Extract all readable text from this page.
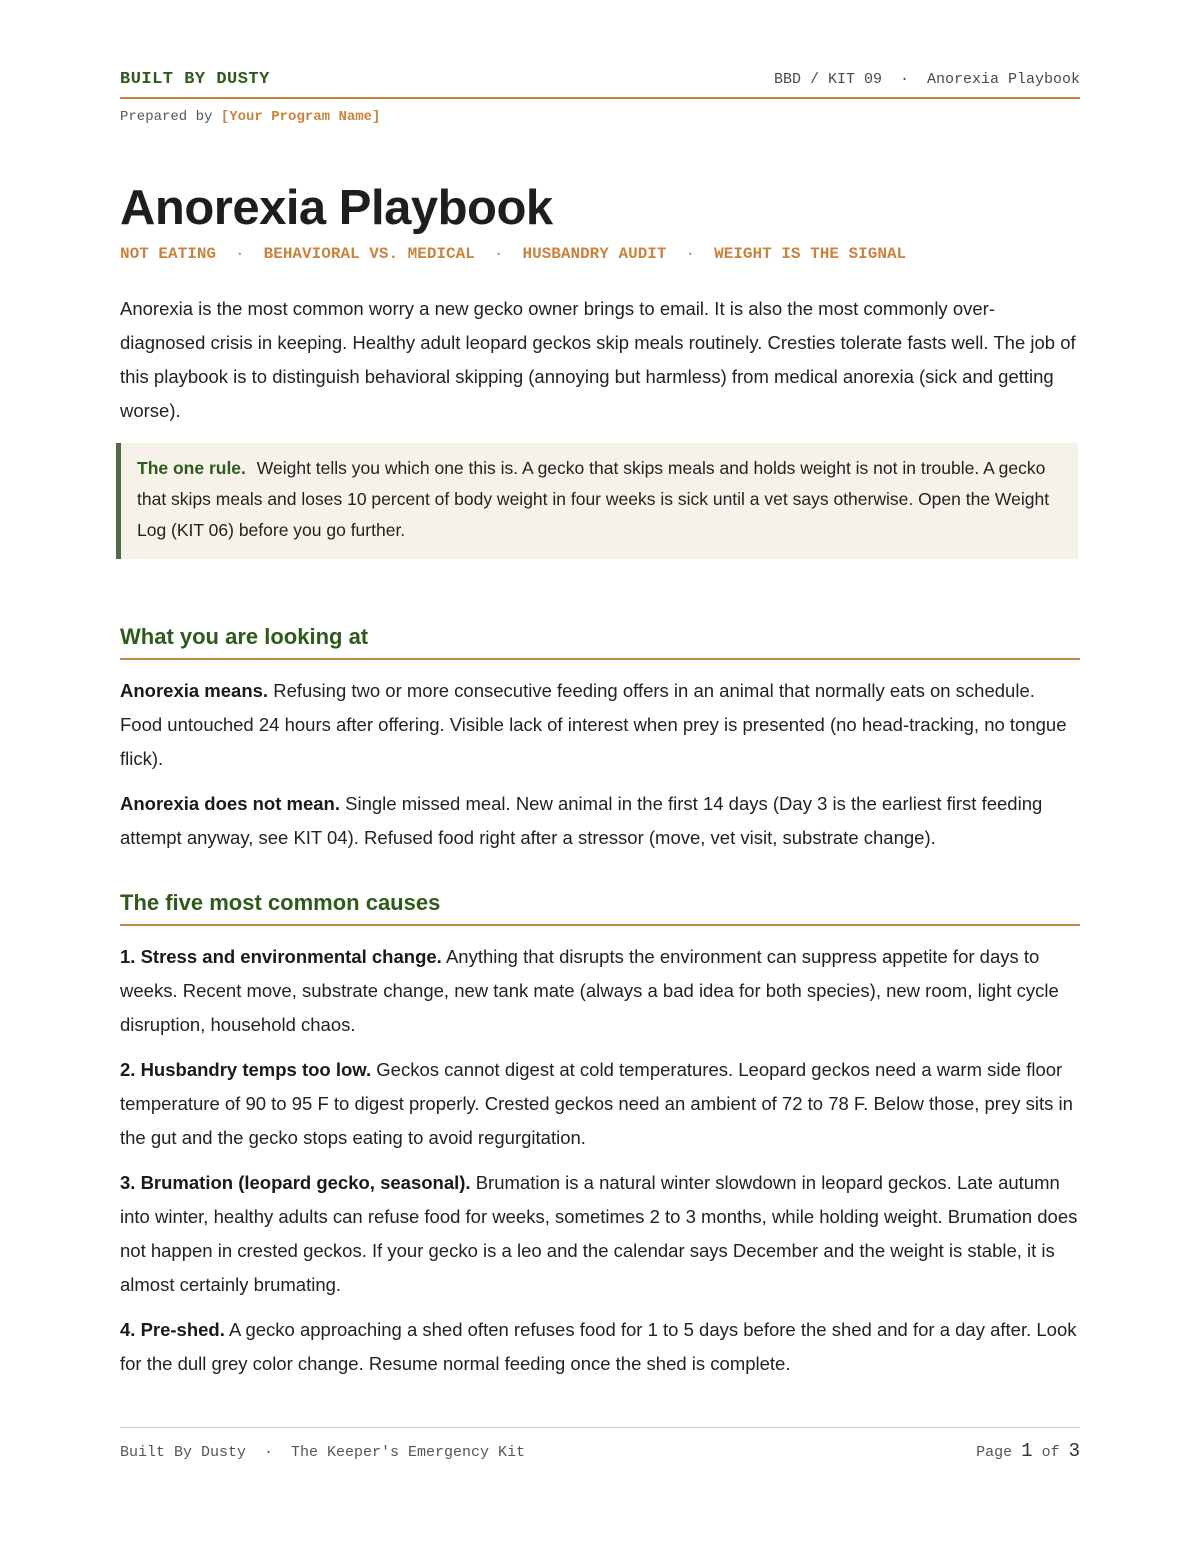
BUILT BY DUSTY	BBD / KIT 09  ·  Anorexia Playbook
Prepared by [Your Program Name]
Anorexia Playbook
NOT EATING · BEHAVIORAL VS. MEDICAL · HUSBANDRY AUDIT · WEIGHT IS THE SIGNAL

Anorexia is the most common worry a new gecko owner brings to email. It is also the most commonly over-diagnosed crisis in keeping. Healthy adult leopard geckos skip meals routinely. Cresties tolerate fasts well. The job of this playbook is to distinguish behavioral skipping (annoying but harmless) from medical anorexia (sick and getting worse).

The one rule. Weight tells you which one this is. A gecko that skips meals and holds weight is not in trouble. A gecko that skips meals and loses 10 percent of body weight in four weeks is sick until a vet says otherwise. Open the Weight Log (KIT 06) before you go further.
What you are looking at

Anorexia means. Refusing two or more consecutive feeding offers in an animal that normally eats on schedule. Food untouched 24 hours after offering. Visible lack of interest when prey is presented (no head-tracking, no tongue flick).

Anorexia does not mean. Single missed meal. New animal in the first 14 days (Day 3 is the earliest first feeding attempt anyway, see KIT 04). Refused food right after a stressor (move, vet visit, substrate change).

The five most common causes

1. Stress and environmental change. Anything that disrupts the environment can suppress appetite for days to weeks. Recent move, substrate change, new tank mate (always a bad idea for both species), new room, light cycle disruption, household chaos.

2. Husbandry temps too low. Geckos cannot digest at cold temperatures. Leopard geckos need a warm side floor temperature of 90 to 95 F to digest properly. Crested geckos need an ambient of 72 to 78 F. Below those, prey sits in the gut and the gecko stops eating to avoid regurgitation.

3. Brumation (leopard gecko, seasonal). Brumation is a natural winter slowdown in leopard geckos. Late autumn into winter, healthy adults can refuse food for weeks, sometimes 2 to 3 months, while holding weight. Brumation does not happen in crested geckos. If your gecko is a leo and the calendar says December and the weight is stable, it is almost certainly brumating.

4. Pre-shed. A gecko approaching a shed often refuses food for 1 to 5 days before the shed and for a day after. Look for the dull grey color change. Resume normal feeding once the shed is complete.

Built By Dusty  ·  The Keeper's Emergency Kit	Page 1 of 3
